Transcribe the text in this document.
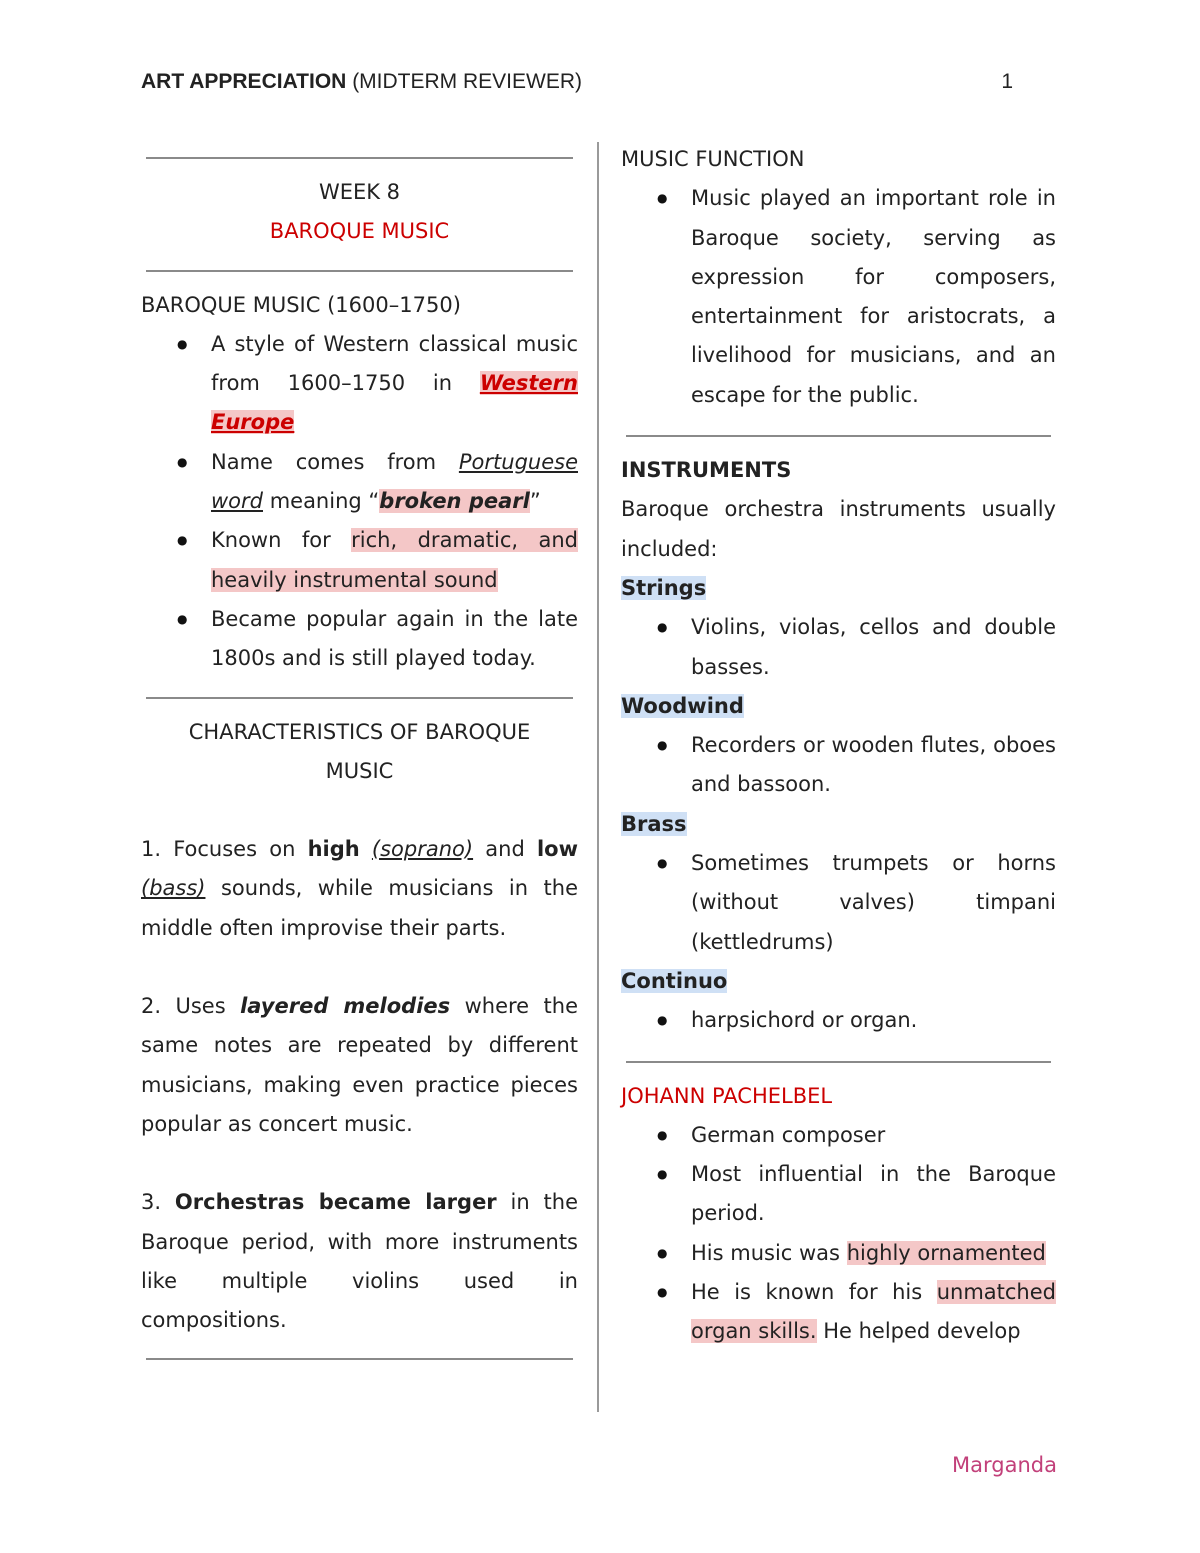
ART APPRECIATION (MIDTERM REVIEWER)	1
WEEK 8
BAROQUE MUSIC
BAROQUE MUSIC (1600–1750)
● A style of Western classical music from 1600–1750 in Western Europe
● Name comes from Portuguese word meaning “broken pearl”
● Known for rich, dramatic, and heavily instrumental sound
● Became popular again in the late 1800s and is still played today.
CHARACTERISTICS OF BAROQUE
MUSIC
1. Focuses on high (soprano) and low (bass) sounds, while musicians in the middle often improvise their parts.
2. Uses layered melodies where the same notes are repeated by different musicians, making even practice pieces popular as concert music.
3. Orchestras became larger in the Baroque period, with more instruments like multiple violins used in compositions.
MUSIC FUNCTION
● Music played an important role in Baroque society, serving as expression for composers, entertainment for aristocrats, a livelihood for musicians, and an escape for the public.
INSTRUMENTS
Baroque orchestra instruments usually included:
Strings
● Violins, violas, cellos and double basses.
Woodwind
● Recorders or wooden flutes, oboes and bassoon.
Brass
● Sometimes trumpets or horns (without valves) timpani (kettledrums)
Continuo
● harpsichord or organ.
JOHANN PACHELBEL
● German composer
● Most influential in the Baroque period.
● His music was highly ornamented
● He is known for his unmatched organ skills. He helped develop
Marganda
